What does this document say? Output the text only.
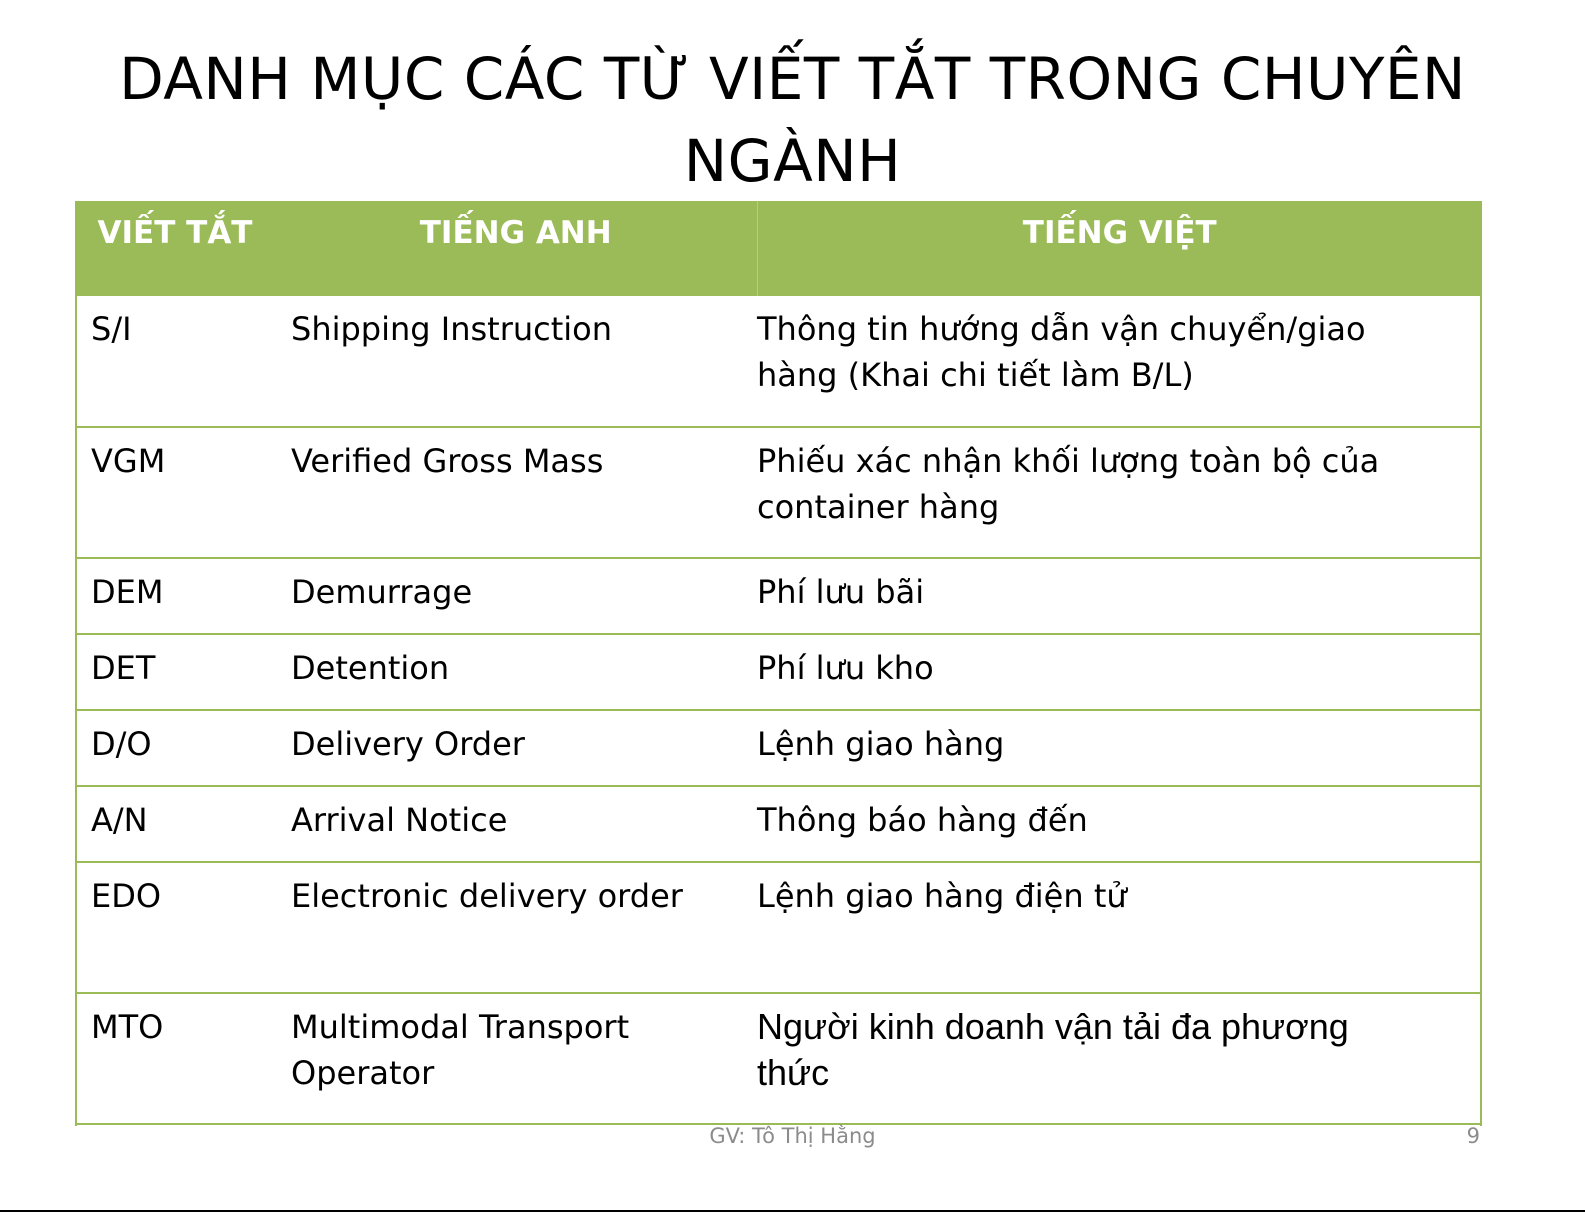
DANH MỤC CÁC TỪ VIẾT TẮT TRONG CHUYÊN NGÀNH
VIẾT TẮT	TIẾNG ANH	TIẾNG VIỆT
S/I	Shipping Instruction	Thông tin hướng dẫn vận chuyển/giao hàng (Khai chi tiết làm B/L)
VGM	Verified Gross Mass	Phiếu xác nhận khối lượng toàn bộ của container hàng
DEM	Demurrage	Phí lưu bãi
DET	Detention	Phí lưu kho
D/O	Delivery Order	Lệnh giao hàng
A/N	Arrival Notice	Thông báo hàng đến
EDO	Electronic delivery order	Lệnh giao hàng điện tử
MTO	Multimodal Transport Operator	Người kinh doanh vận tải đa phương thức
GV: Tô Thị Hằng	9
